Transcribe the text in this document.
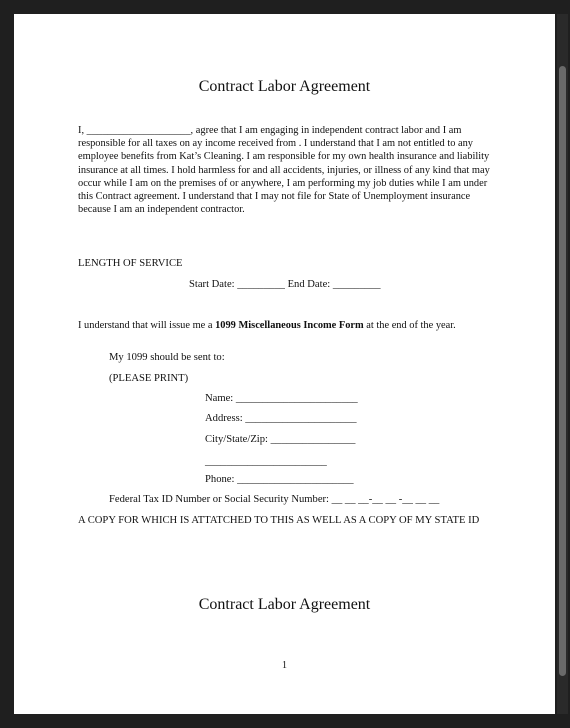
Contract Labor Agreement
I, ____________________, agree that I am engaging in independent contract labor and I am responsible for all taxes on ay income received from . I understand that I am not entitled to any employee benefits from Kat’s Cleaning. I am responsible for my own health insurance and liability insurance at all times. I hold harmless for and all accidents, injuries, or illness of any kind that may occur while I am on the premises of or anywhere, I am performing my job duties while I am under this Contract agreement. I understand that I may not file for State of Unemployment insurance because I am an independent contractor.
LENGTH OF SERVICE
Start Date: _________ End Date: _________
I understand that will issue me a 1099 Miscellaneous Income Form at the end of the year.
My 1099 should be sent to:
(PLEASE PRINT)
Name: _______________________
Address: _____________________
City/State/Zip: ________________
_______________________
Phone: ______________________
Federal Tax ID Number or Social Security Number: __ __ __-__ __ -__ __ __
A COPY FOR WHICH IS ATTATCHED TO THIS AS WELL AS A COPY OF MY STATE ID
Contract Labor Agreement
1
